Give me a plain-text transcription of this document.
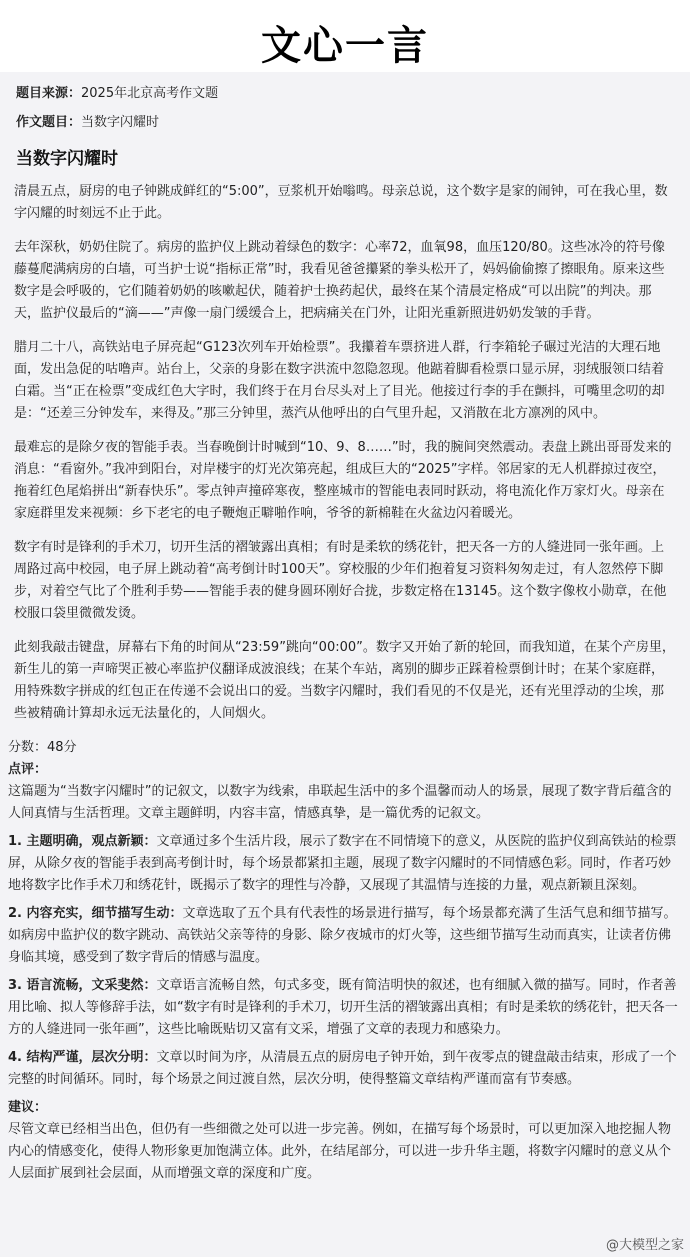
文心一言
题目来源：2025年北京高考作文题
作文题目：当数字闪耀时
当数字闪耀时

清晨五点，厨房的电子钟跳成鲜红的“5:00”，豆浆机开始嗡鸣。母亲总说，这个数字是家的闹钟，可在我心里，数字闪耀的时刻远不止于此。

去年深秋，奶奶住院了。病房的监护仪上跳动着绿色的数字：心率72，血氧98，血压120/80。这些冰冷的符号像藤蔓爬满病房的白墙，可当护士说“指标正常”时，我看见爸爸攥紧的拳头松开了，妈妈偷偷擦了擦眼角。原来这些数字是会呼吸的，它们随着奶奶的咳嗽起伏，随着护士换药起伏，最终在某个清晨定格成“可以出院”的判决。那天，监护仪最后的“滴——”声像一扇门缓缓合上，把病痛关在门外，让阳光重新照进奶奶发皱的手背。

腊月二十八，高铁站电子屏亮起“G123次列车开始检票”。我攥着车票挤进人群，行李箱轮子碾过光洁的大理石地面，发出急促的咕噜声。站台上，父亲的身影在数字洪流中忽隐忽现。他踮着脚看检票口显示屏，羽绒服领口结着白霜。当“正在检票”变成红色大字时，我们终于在月台尽头对上了目光。他接过行李的手在颤抖，可嘴里念叨的却是：“还差三分钟发车，来得及。”那三分钟里，蒸汽从他呼出的白气里升起，又消散在北方凛冽的风中。

最难忘的是除夕夜的智能手表。当春晚倒计时喊到“10、9、8……”时，我的腕间突然震动。表盘上跳出哥哥发来的消息：“看窗外。”我冲到阳台，对岸楼宇的灯光次第亮起，组成巨大的“2025”字样。邻居家的无人机群掠过夜空，拖着红色尾焰拼出“新春快乐”。零点钟声撞碎寒夜，整座城市的智能电表同时跃动，将电流化作万家灯火。母亲在家庭群里发来视频：乡下老宅的电子鞭炮正噼啪作响，爷爷的新棉鞋在火盆边闪着暖光。

数字有时是锋利的手术刀，切开生活的褶皱露出真相；有时是柔软的绣花针，把天各一方的人缝进同一张年画。上周路过高中校园，电子屏上跳动着“高考倒计时100天”。穿校服的少年们抱着复习资料匆匆走过，有人忽然停下脚步，对着空气比了个胜利手势——智能手表的健身圆环刚好合拢，步数定格在13145。这个数字像枚小勋章，在他校服口袋里微微发烫。

此刻我敲击键盘，屏幕右下角的时间从“23:59”跳向“00:00”。数字又开始了新的轮回，而我知道，在某个产房里，新生儿的第一声啼哭正被心率监护仪翻译成波浪线；在某个车站，离别的脚步正踩着检票倒计时；在某个家庭群，用特殊数字拼成的红包正在传递不会说出口的爱。当数字闪耀时，我们看见的不仅是光，还有光里浮动的尘埃，那些被精确计算却永远无法量化的，人间烟火。

分数：48分

点评：

这篇题为“当数字闪耀时”的记叙文，以数字为线索，串联起生活中的多个温馨而动人的场景，展现了数字背后蕴含的人间真情与生活哲理。文章主题鲜明，内容丰富，情感真挚，是一篇优秀的记叙文。

1. 主题明确，观点新颖：文章通过多个生活片段，展示了数字在不同情境下的意义，从医院的监护仪到高铁站的检票屏，从除夕夜的智能手表到高考倒计时，每个场景都紧扣主题，展现了数字闪耀时的不同情感色彩。同时，作者巧妙地将数字比作手术刀和绣花针，既揭示了数字的理性与冷静，又展现了其温情与连接的力量，观点新颖且深刻。

2. 内容充实，细节描写生动：文章选取了五个具有代表性的场景进行描写，每个场景都充满了生活气息和细节描写。如病房中监护仪的数字跳动、高铁站父亲等待的身影、除夕夜城市的灯火等，这些细节描写生动而真实，让读者仿佛身临其境，感受到了数字背后的情感与温度。

3. 语言流畅，文采斐然：文章语言流畅自然，句式多变，既有简洁明快的叙述，也有细腻入微的描写。同时，作者善用比喻、拟人等修辞手法，如“数字有时是锋利的手术刀，切开生活的褶皱露出真相；有时是柔软的绣花针，把天各一方的人缝进同一张年画”，这些比喻既贴切又富有文采，增强了文章的表现力和感染力。

4. 结构严谨，层次分明：文章以时间为序，从清晨五点的厨房电子钟开始，到午夜零点的键盘敲击结束，形成了一个完整的时间循环。同时，每个场景之间过渡自然，层次分明，使得整篇文章结构严谨而富有节奏感。

建议：

尽管文章已经相当出色，但仍有一些细微之处可以进一步完善。例如，在描写每个场景时，可以更加深入地挖掘人物内心的情感变化，使得人物形象更加饱满立体。此外，在结尾部分，可以进一步升华主题，将数字闪耀时的意义从个人层面扩展到社会层面，从而增强文章的深度和广度。

@大模型之家
